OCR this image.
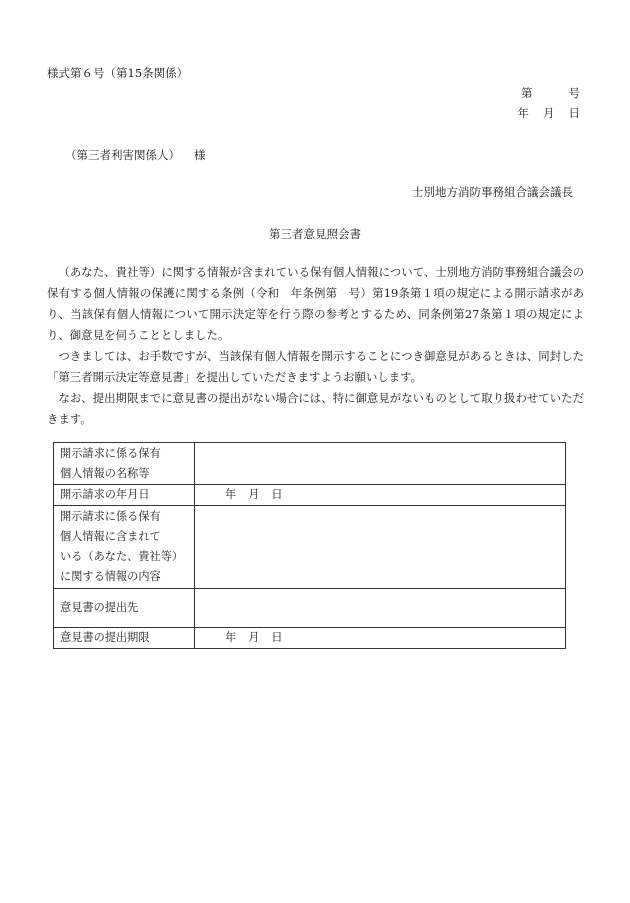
様式第６号（第15条関係）
第	号
年 月 日
（第三者利害関係人） 様
士別地方消防事務組合議会議長
第三者意見照会書

（あなた、貴社等）に関する情報が含まれている保有個人情報について、士別地方消防事務組合議会の保有する個人情報の保護に関する条例（令和　年条例第　号）第19条第１項の規定による開示請求があり、当該保有個人情報について開示決定等を行う際の参考とするため、同条例第27条第１項の規定により、御意見を伺うこととしました。

つきましては、お手数ですが、当該保有個人情報を開示することにつき御意見があるときは、同封した「第三者開示決定等意見書」を提出していただきますようお願いします。

なお、提出期限までに意見書の提出がない場合には、特に御意見がないものとして取り扱わせていただきます。

開示請求に係る保有
個人情報の名称等	

開示請求の年月日	年 月 日

開示請求に係る保有
個人情報に含まれて
いる（あなた、貴社等）
に関する情報の内容	

意見書の提出先	

意見書の提出期限	年 月 日
